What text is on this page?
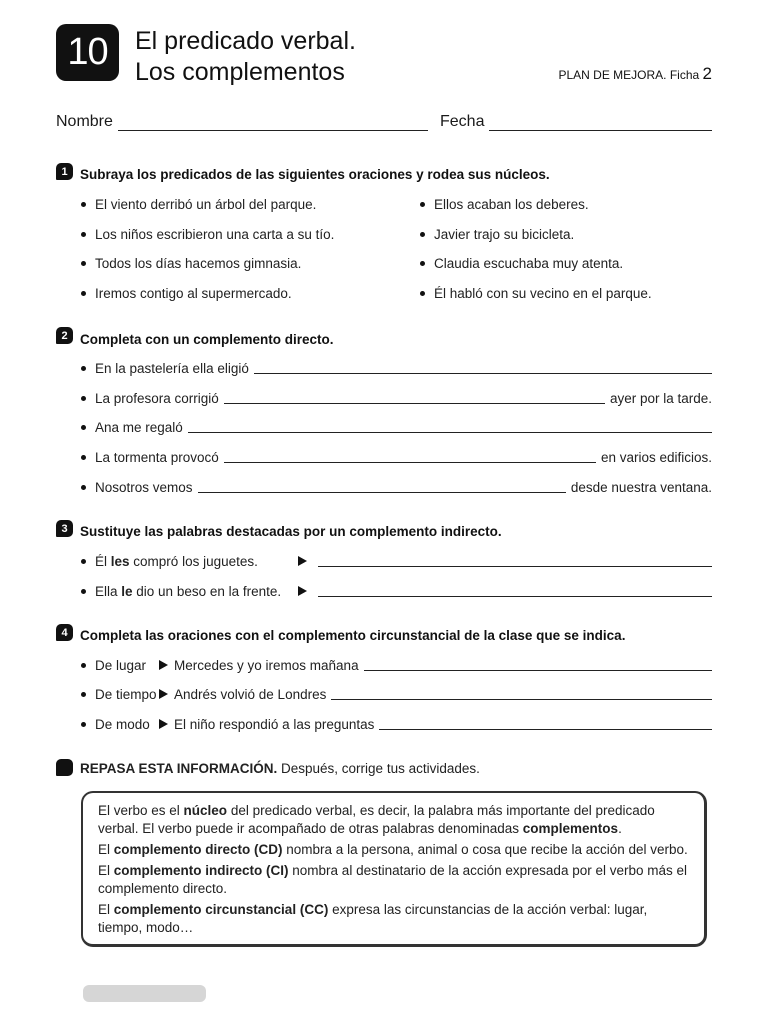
10 El predicado verbal.
Los complementos	PLAN DE MEJORA. Ficha 2
Nombre	Fecha
1 Subraya los predicados de las siguientes oraciones y rodea sus núcleos.
El viento derribó un árbol del parque.
Los niños escribieron una carta a su tío.
Todos los días hacemos gimnasia.
Iremos contigo al supermercado.
Ellos acaban los deberes.
Javier trajo su bicicleta.
Claudia escuchaba muy atenta.
Él habló con su vecino en el parque.
2 Completa con un complemento directo.
En la pastelería ella eligió
La profesora corrigió	ayer por la tarde.
Ana me regaló
La tormenta provocó	en varios edificios.
Nosotros vemos	desde nuestra ventana.
3 Sustituye las palabras destacadas por un complemento indirecto.
Él les compró los juguetes.
Ella le dio un beso en la frente.
4 Completa las oraciones con el complemento circunstancial de la clase que se indica.
De lugar	Mercedes y yo iremos mañana
De tiempo Andrés volvió de Londres
De modo	El niño respondió a las preguntas
REPASA ESTA INFORMACIÓN. Después, corrige tus actividades.

El verbo es el núcleo del predicado verbal, es decir, la palabra más importante del predicado verbal. El verbo puede ir acompañado de otras palabras denominadas complementos.

El complemento directo (CD) nombra a la persona, animal o cosa que recibe la acción del verbo.

El complemento indirecto (CI) nombra al destinatario de la acción expresada por el verbo más el complemento directo.

El complemento circunstancial (CC) expresa las circunstancias de la acción verbal: lugar, tiempo, modo…
